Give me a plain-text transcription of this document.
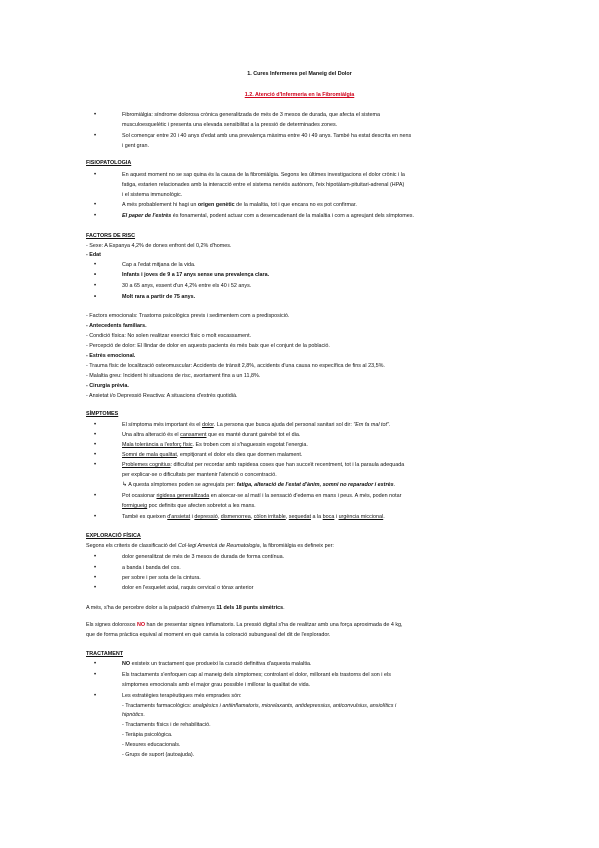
1. Cures Infermeres pel Maneig del Dolor
1.2. Atenció d'Infermeria en la Fibromiàlgia
• Fibromiàlgia: síndrome dolorosa crònica generalitzada de més de 3 mesos de durada, que afecta el sistema
musculoesquelètic i presenta una elevada sensibilitat a la pressió de determinades zones.
• Sol començar entre 20 i 40 anys d'edat amb una prevalença màxima entre 40 i 49 anys. També ha estat descrita en nens
i gent gran.
FISIOPATOLOGIA
• En aquest moment no se sap quina és la causa de la fibromiàlgia. Segons les últimes investigacions el dolor crònic i la
fatiga, estarien relacionades amb la interacció entre el sistema nerviós autònom, l'eix hipotàlam-pituitari-adrenal (HPA)
i el sistema immunològic.
• A més probablement hi hagi un origen genètic de la malaltia, tot i que encara no es pot confirmar.
• El paper de l'estrès és fonamental, podent actuar com a desencadenant de la malaltia i com a agreujant dels símptomes.
FACTORS DE RISC
- Sexe: A Espanya 4,2% de dones enfront del 0,2% d'homes.
- Edat
• Cap a l'edat mitjana de la vida.
• Infants i joves de 9 a 17 anys sense una prevalença clara.
• 30 a 65 anys, essent d'un 4,2% entre els 40 i 52 anys.
• Molt rara a partir de 75 anys.
- Factors emocionals: Trastorns psicològics previs i sedimentem com a predisposició.
- Antecedents familiars.
- Condició física: No solen realitzar exercici físic o molt escassament.
- Percepció de dolor: El llindar de dolor en aquests pacients és més baix que el conjunt de la població.
- Estrès emocional.
- Trauma físic de localització osteomuscular: Accidents de trànsit 2,8%, accidents d'una causa no específica de fins al 23,5%.
- Malaltia greu: Incident hi situacions de risc, avortament fins a un 11,8%.
- Cirurgia prèvia.
- Ansietat i/o Depressió Reactiva: A situacions d'estrès quotidià.
SÍMPTOMES
• El símptoma més important és el dolor. La persona que busca ajuda del personal sanitari sol dir: "Em fa mal tot".
• Una altra alteració és el cansament que es manté durant gairebé tot el dia.
• Mala tolerància a l'esforç físic. Es troben com si s'haguessin esgotat l'energia.
• Somni de mala qualitat, empitjorant el dolor els dies que dormen malament.
• Problemes cognitius: dificultat per recordar amb rapidesa coses que han succeït recentment, tot i la paraula adequada
per explicar-se o dificultats per mantenir l'atenció o concentració.
↳ A questa símptomes poden se agreujats per: fatiga, alteració de l'estat d'ànim, somni no reparador i estrès.
• Pot ocasionar rigidesa generalitzada en aixecar-se al matí i la sensació d'edema en mans i peus. A més, poden notar
formigueig poc definits que afecten sobretot a les mans.
• També es queixen d'ansietat i depressió, dismenorrea, còlon irritable, sequedat a la boca i urgència miccional.
EXPLORACIÓ FÍSICA
Segons els criteris de classificació del Col·legi Americà de Reumatologia, la fibromiàlgia es defineix per:
• dolor generalitzat de més de 3 mesos de durada de forma contínua.
• a banda i banda del cos.
• per sobre i per sota de la cintura.
• dolor en l'esquelet axial, raquis cervical o tòrax anterior
A més, s'ha de percebre dolor a la palpació d'almenys 11 dels 18 punts simètrics.
Els signes dolorosos NO han de presentar signes inflamatoris. La pressió digital s'ha de realitzar amb una força aproximada de 4 kg,
que de forma pràctica equival al moment en què canvia la coloració subungueal del dit de l'explorador.
TRACTAMENT
• NO existeix un tractament que produeixi la curació definitiva d'aquesta malaltia.
• Els tractaments s'enfoquen cap al maneig dels símptomes; controlant el dolor, millorant els trastorns del son i els
símptomes emocionals amb el major grau possible i millorar la qualitat de vida.
• Les estratègies terapèutiques més emprades són:
- Tractaments farmacològics: analgèsics i antiinflamatoris, miorelaxants, antidepressius, anticonvulsius, ansiolítics i
hipnòtics.
- Tractaments físics i de rehabilitació.
- Teràpia psicològica.
- Mesures educacionals.
- Grups de suport (autoajuda).
